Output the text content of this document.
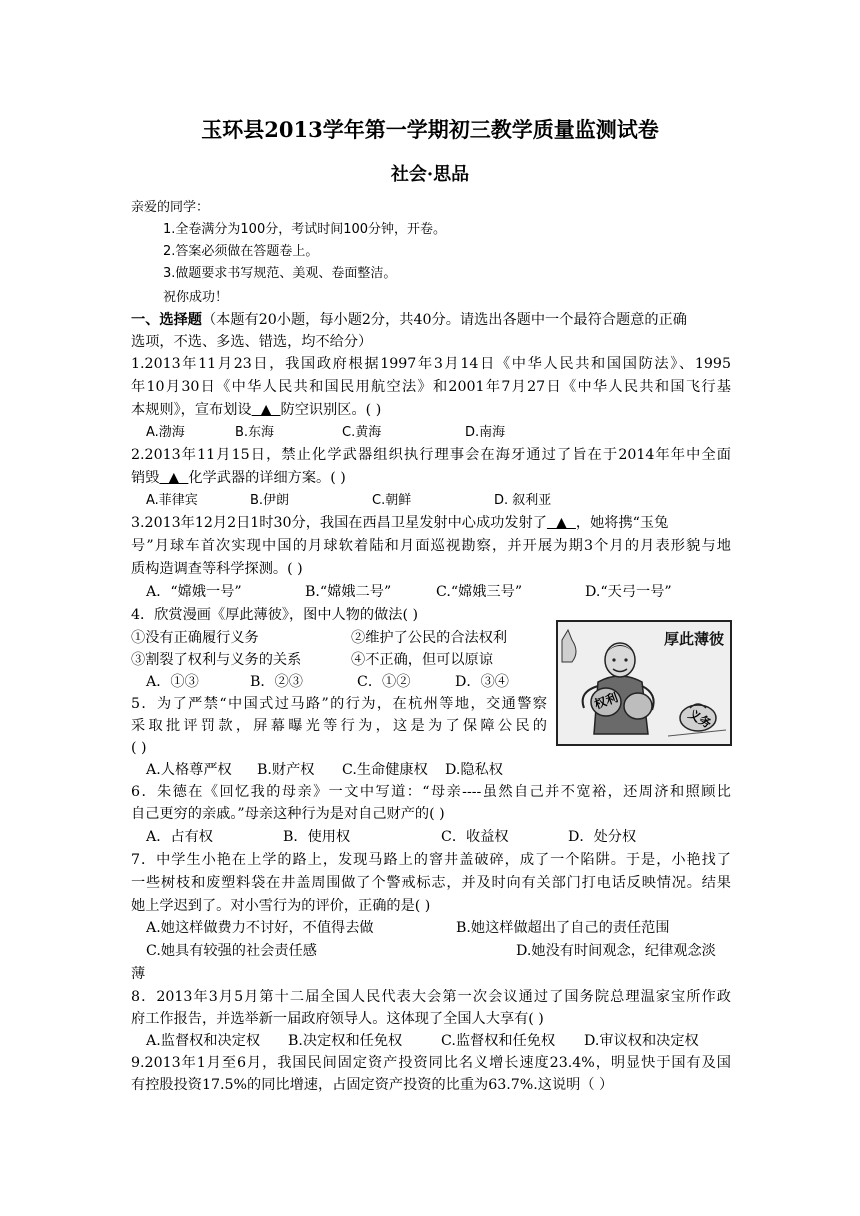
玉环县2013学年第一学期初三教学质量监测试卷
社会·思品
亲爱的同学：
1.全卷满分为100分，考试时间100分钟，开卷。
2.答案必须做在答题卷上。
3.做题要求书写规范、美观、卷面整洁。
祝你成功！
一、选择题（本题有20小题，每小题2分，共40分。请选出各题中一个最符合题意的正确
选项，不选、多选、错选，均不给分）
1.2013年11月23日，我国政府根据1997年3月14日《中华人民共和国国防法》、1995
年10月30日《中华人民共和国民用航空法》和2001年7月27日《中华人民共和国飞行基
本规则》，宣布划设  ▲  防空识别区。( )
A.渤海	B.东海	C.黄海	D.南海
2.2013年11月15日，禁止化学武器组织执行理事会在海牙通过了旨在于2014年年中全面
销毁  ▲  化学武器的详细方案。( )
A.菲律宾	B.伊朗	C.朝鲜	D. 叙利亚
3.2013年12月2日1时30分，我国在西昌卫星发射中心成功发射了  ▲  ，她将携“玉兔
号”月球车首次实现中国的月球软着陆和月面巡视勘察，并开展为期3个月的月表形貌与地
质构造调查等科学探测。( )
A．“嫦娥一号”	B.“嫦娥二号”	C.“嫦娥三号”	D.“天弓一号”
4．欣赏漫画《厚此薄彼》，图中人物的做法( )
①没有正确履行义务	②维护了公民的合法权利
③割裂了权利与义务的关系	④不正确，但可以原谅
A．①③	B．②③	C．①②	D．③④
厚此薄彼
权利
义务
5．为了严禁“中国式过马路”的行为，在杭州等地，交通警察
采取批评罚款，屏幕曝光等行为，这是为了保障公民的
( )
A.人格尊严权 B.财产权 C.生命健康权 D.隐私权
6．朱德在《回忆我的母亲》一文中写道：“母亲----虽然自己并不宽裕，还周济和照顾比
自己更穷的亲戚。”母亲这种行为是对自己财产的( )
A．占有权	B．使用权	C．收益权	D．处分权
7．中学生小艳在上学的路上，发现马路上的窨井盖破碎，成了一个陷阱。于是，小艳找了
一些树枝和废塑料袋在井盖周围做了个警戒标志，并及时向有关部门打电话反映情况。结果
她上学迟到了。对小雪行为的评价，正确的是( )
A.她这样做费力不讨好，不值得去做	B.她这样做超出了自己的责任范围
C.她具有较强的社会责任感	D.她没有时间观念，纪律观念淡
薄
8．2013年3月5月第十二届全国人民代表大会第一次会议通过了国务院总理温家宝所作政
府工作报告，并选举新一届政府领导人。这体现了全国人大享有( )
A.监督权和决定权 B.决定权和任免权	C.监督权和任免权 D.审议权和决定权
9.2013年1月至6月，我国民间固定资产投资同比名义增长速度23.4%，明显快于国有及国
有控股投资17.5%的同比增速，占固定资产投资的比重为63.7%.这说明（ ）
